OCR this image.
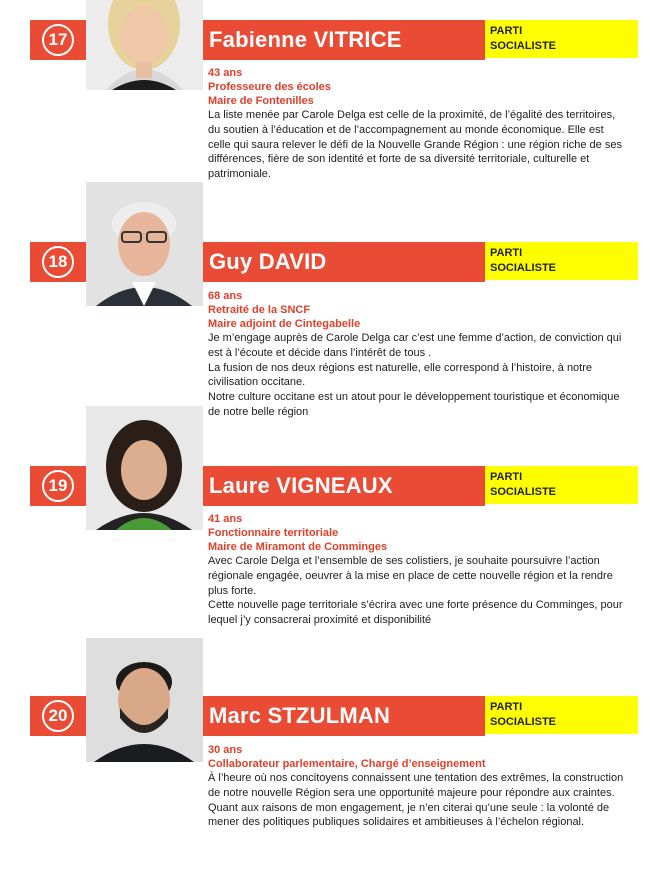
17	Fabienne VITRICE	PARTI
SOCIALISTE
43 ans
Professeure des écoles
Maire de Fontenilles

La liste menée par Carole Delga est celle de la proximité, de l’égalité des territoires, du soutien à l’éducation et de l’accompagnement au monde économique. Elle est celle qui saura relever le défi de la Nouvelle Grande Région : une région riche de ses différences, fière de son identité et forte de sa diversité territoriale, culturelle et patrimoniale.

18	Guy DAVID	PARTI
SOCIALISTE
68 ans
Retraité de la SNCF
Maire adjoint de Cintegabelle

Je m’engage auprès de Carole Delga car c’est une femme d’action, de conviction qui est à l’écoute et décide dans l’intérêt de tous .
La fusion de nos deux régions est naturelle, elle correspond à l’histoire, à notre civilisation occitane.
Notre culture occitane est un atout pour le développement touristique et économique de notre belle région

19	Laure VIGNEAUX	PARTI
SOCIALISTE
41 ans
Fonctionnaire territoriale
Maire de Miramont de Comminges

Avec Carole Delga et l’ensemble de ses colistiers, je souhaite poursuivre l’action régionale engagée, oeuvrer à la mise en place de cette nouvelle région et la rendre plus forte.
Cette nouvelle page territoriale s’écrira avec une forte présence du Comminges, pour lequel j’y consacrerai proximité et disponibilité

20	Marc STZULMAN	PARTI
SOCIALISTE
30 ans
Collaborateur parlementaire, Chargé d’enseignement

À l’heure où nos concitoyens connaissent une tentation des extrêmes, la construction de notre nouvelle Région sera une opportunité majeure pour répondre aux craintes. Quant aux raisons de mon engagement, je n’en citerai qu’une seule : la volonté de mener des politiques publiques solidaires et ambitieuses à l’échelon régional.
